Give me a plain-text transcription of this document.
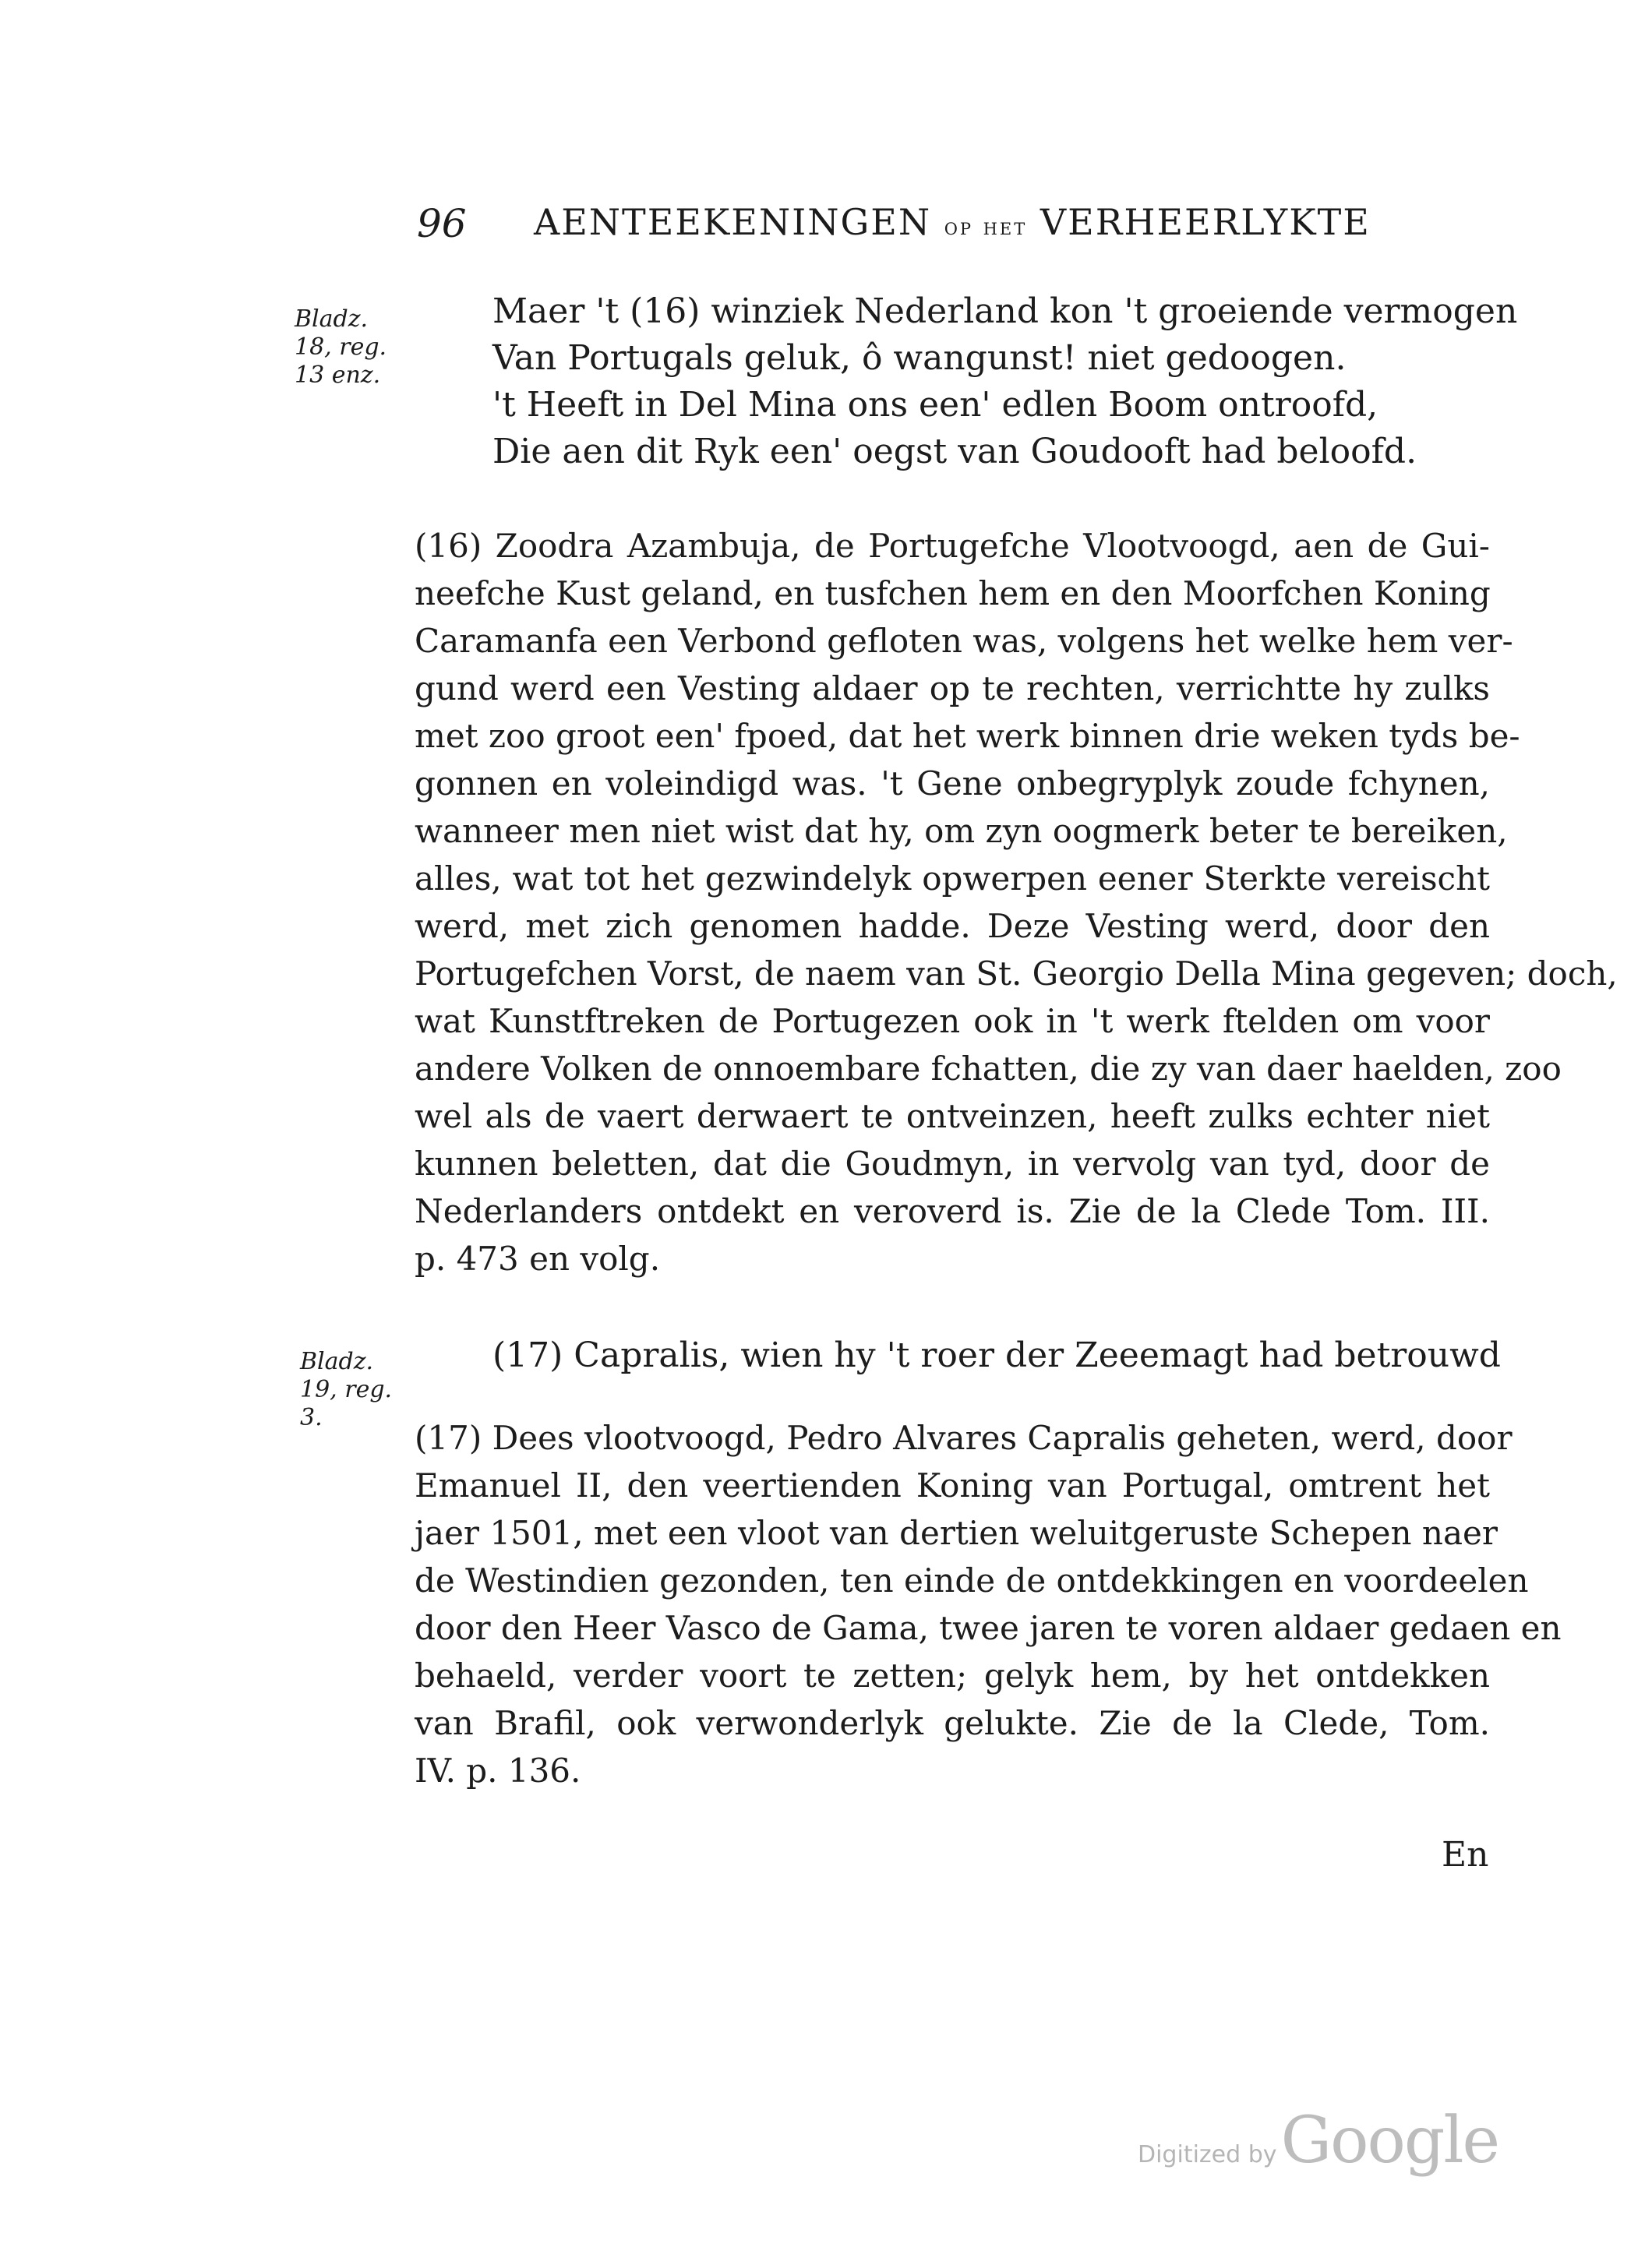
96 AENTEEKENINGEN op het VERHEERLYKTE
Bladz.
18, reg.
13 enz.
Maer 't (16) winziek Nederland kon 't groeiende vermogen
Van Portugals geluk, ô wangunst! niet gedoogen.
't Heeft in Del Mina ons een' edlen Boom ontroofd,
Die aen dit Ryk een' oegst van Goudooft had beloofd.
(16) Zoodra Azambuja, de Portugefche Vlootvoogd, aen de Gui-
neefche Kust geland, en tusfchen hem en den Moorfchen Koning
Caramanfa een Verbond gefloten was, volgens het welke hem ver-
gund werd een Vesting aldaer op te rechten, verrichtte hy zulks
met zoo groot een' fpoed, dat het werk binnen drie weken tyds be-
gonnen en voleindigd was. 't Gene onbegryplyk zoude fchynen,
wanneer men niet wist dat hy, om zyn oogmerk beter te bereiken,
alles, wat tot het gezwindelyk opwerpen eener Sterkte vereischt
werd, met zich genomen hadde. Deze Vesting werd, door den
Portugefchen Vorst, de naem van St. Georgio Della Mina gegeven; doch,
wat Kunstftreken de Portugezen ook in 't werk ftelden om voor
andere Volken de onnoembare fchatten, die zy van daer haelden, zoo
wel als de vaert derwaert te ontveinzen, heeft zulks echter niet
kunnen beletten, dat die Goudmyn, in vervolg van tyd, door de
Nederlanders ontdekt en veroverd is. Zie de la Clede Tom. III.
p. 473 en volg.
Bladz.
19, reg.
3.
(17) Capralis, wien hy 't roer der Zeeemagt had betrouwd
(17) Dees vlootvoogd, Pedro Alvares Capralis geheten, werd, door
Emanuel II, den veertienden Koning van Portugal, omtrent het
jaer 1501, met een vloot van dertien weluitgeruste Schepen naer
de Westindien gezonden, ten einde de ontdekkingen en voordeelen
door den Heer Vasco de Gama, twee jaren te voren aldaer gedaen en
behaeld, verder voort te zetten; gelyk hem, by het ontdekken
van Brafil, ook verwonderlyk gelukte. Zie de la Clede, Tom.
IV. p. 136.
En
Digitized by Google
